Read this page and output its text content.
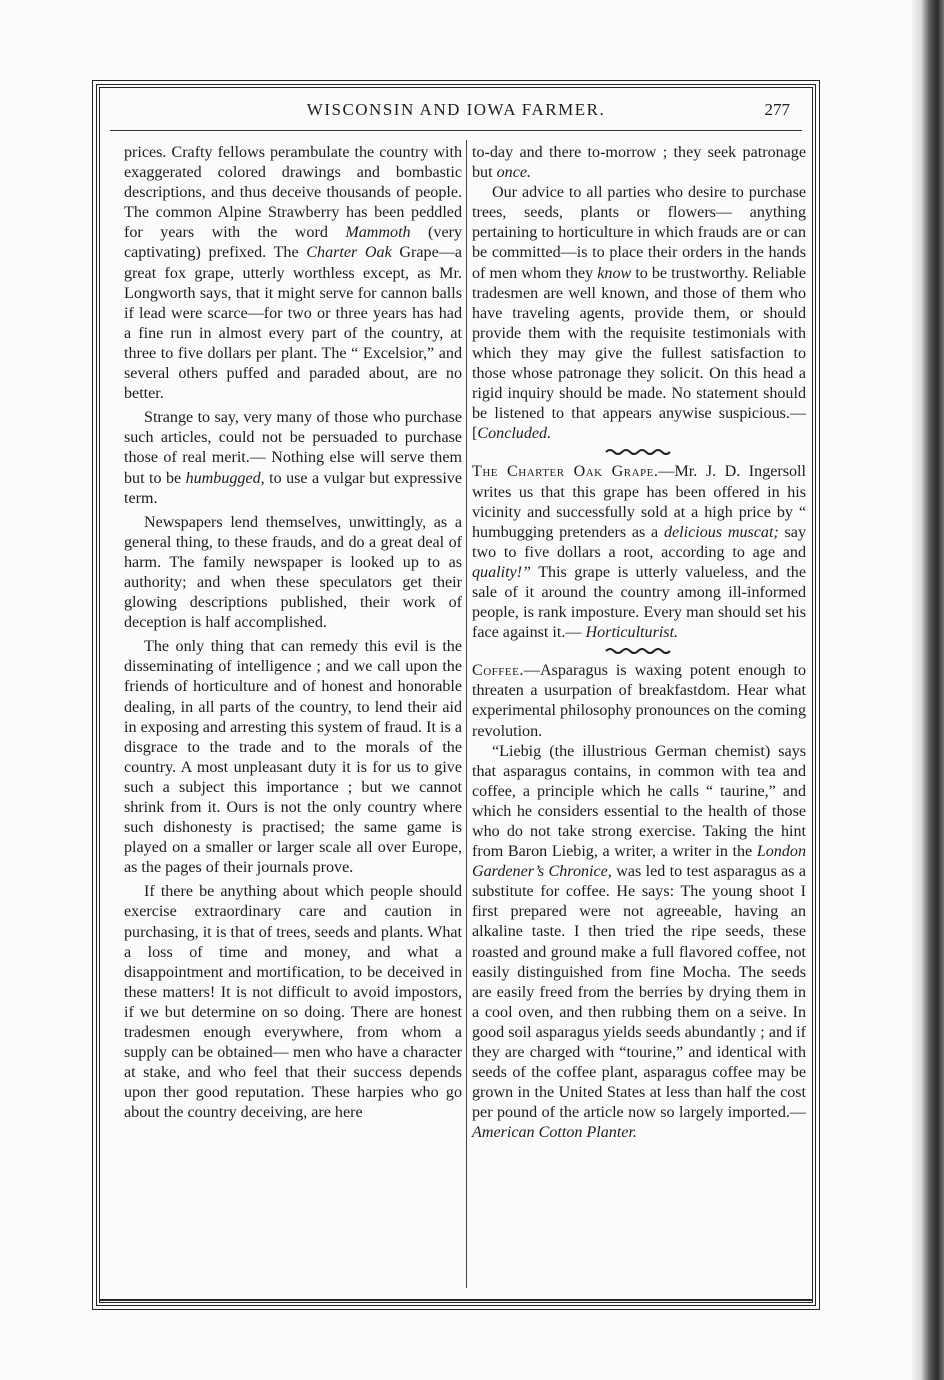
WISCONSIN AND IOWA FARMER.	277

prices. Crafty fellows perambulate the country with exaggerated colored drawings and bombastic descriptions, and thus deceive thousands of people. The common Alpine Strawberry has been peddled for years with the word Mammoth (very captivating) prefixed. The Charter Oak Grape—a great fox grape, utterly worthless except, as Mr. Longworth says, that it might serve for cannon balls if lead were scarce—for two or three years has had a fine run in almost every part of the country, at three to five dollars per plant. The “ Excelsior,” and several others puffed and paraded about, are no better.

Strange to say, very many of those who purchase such articles, could not be persuaded to purchase those of real merit.— Nothing else will serve them but to be humbugged, to use a vulgar but expressive term.

Newspapers lend themselves, unwittingly, as a general thing, to these frauds, and do a great deal of harm. The family newspaper is looked up to as authority; and when these speculators get their glowing descriptions published, their work of deception is half accomplished.

The only thing that can remedy this evil is the disseminating of intelligence ; and we call upon the friends of horticulture and of honest and honorable dealing, in all parts of the country, to lend their aid in exposing and arresting this system of fraud. It is a disgrace to the trade and to the morals of the country. A most unpleasant duty it is for us to give such a subject this importance ; but we cannot shrink from it. Ours is not the only country where such dishonesty is practised; the same game is played on a smaller or larger scale all over Europe, as the pages of their journals prove.

If there be anything about which people should exercise extraordinary care and caution in purchasing, it is that of trees, seeds and plants. What a loss of time and money, and what a disappointment and mortification, to be deceived in these matters! It is not difficult to avoid impostors, if we but determine on so doing. There are honest tradesmen enough everywhere, from whom a supply can be obtained— men who have a character at stake, and who feel that their success depends upon ther good reputation. These harpies who go about the country deceiving, are here

to-day and there to-morrow ; they seek patronage but once.

Our advice to all parties who desire to purchase trees, seeds, plants or flowers— anything pertaining to horticulture in which frauds are or can be committed—is to place their orders in the hands of men whom they know to be trustworthy. Reliable tradesmen are well known, and those of them who have traveling agents, provide them, or should provide them with the requisite testimonials with which they may give the fullest satisfaction to those whose patronage they solicit. On this head a rigid inquiry should be made. No statement should be listened to that appears anywise suspicious.—[Concluded.

The Charter Oak Grape.—Mr. J. D. Ingersoll writes us that this grape has been offered in his vicinity and successfully sold at a high price by “ humbugging pretenders as a delicious muscat; say two to five dollars a root, according to age and quality!” This grape is utterly valueless, and the sale of it around the country among ill-informed people, is rank imposture. Every man should set his face against it.— Horticulturist.

Coffee.—Asparagus is waxing potent enough to threaten a usurpation of breakfastdom. Hear what experimental philosophy pronounces on the coming revolution.

“Liebig (the illustrious German chemist) says that asparagus contains, in common with tea and coffee, a principle which he calls “ taurine,” and which he considers essential to the health of those who do not take strong exercise. Taking the hint from Baron Liebig, a writer, a writer in the London Gardener’s Chronice, was led to test asparagus as a substitute for coffee. He says: The young shoot I first prepared were not agreeable, having an alkaline taste. I then tried the ripe seeds, these roasted and ground make a full flavored coffee, not easily distinguished from fine Mocha. The seeds are easily freed from the berries by drying them in a cool oven, and then rubbing them on a seive. In good soil asparagus yields seeds abundantly ; and if they are charged with “tourine,” and identical with seeds of the coffee plant, asparagus coffee may be grown in the United States at less than half the cost per pound of the article now so largely imported.—American Cotton Planter.
